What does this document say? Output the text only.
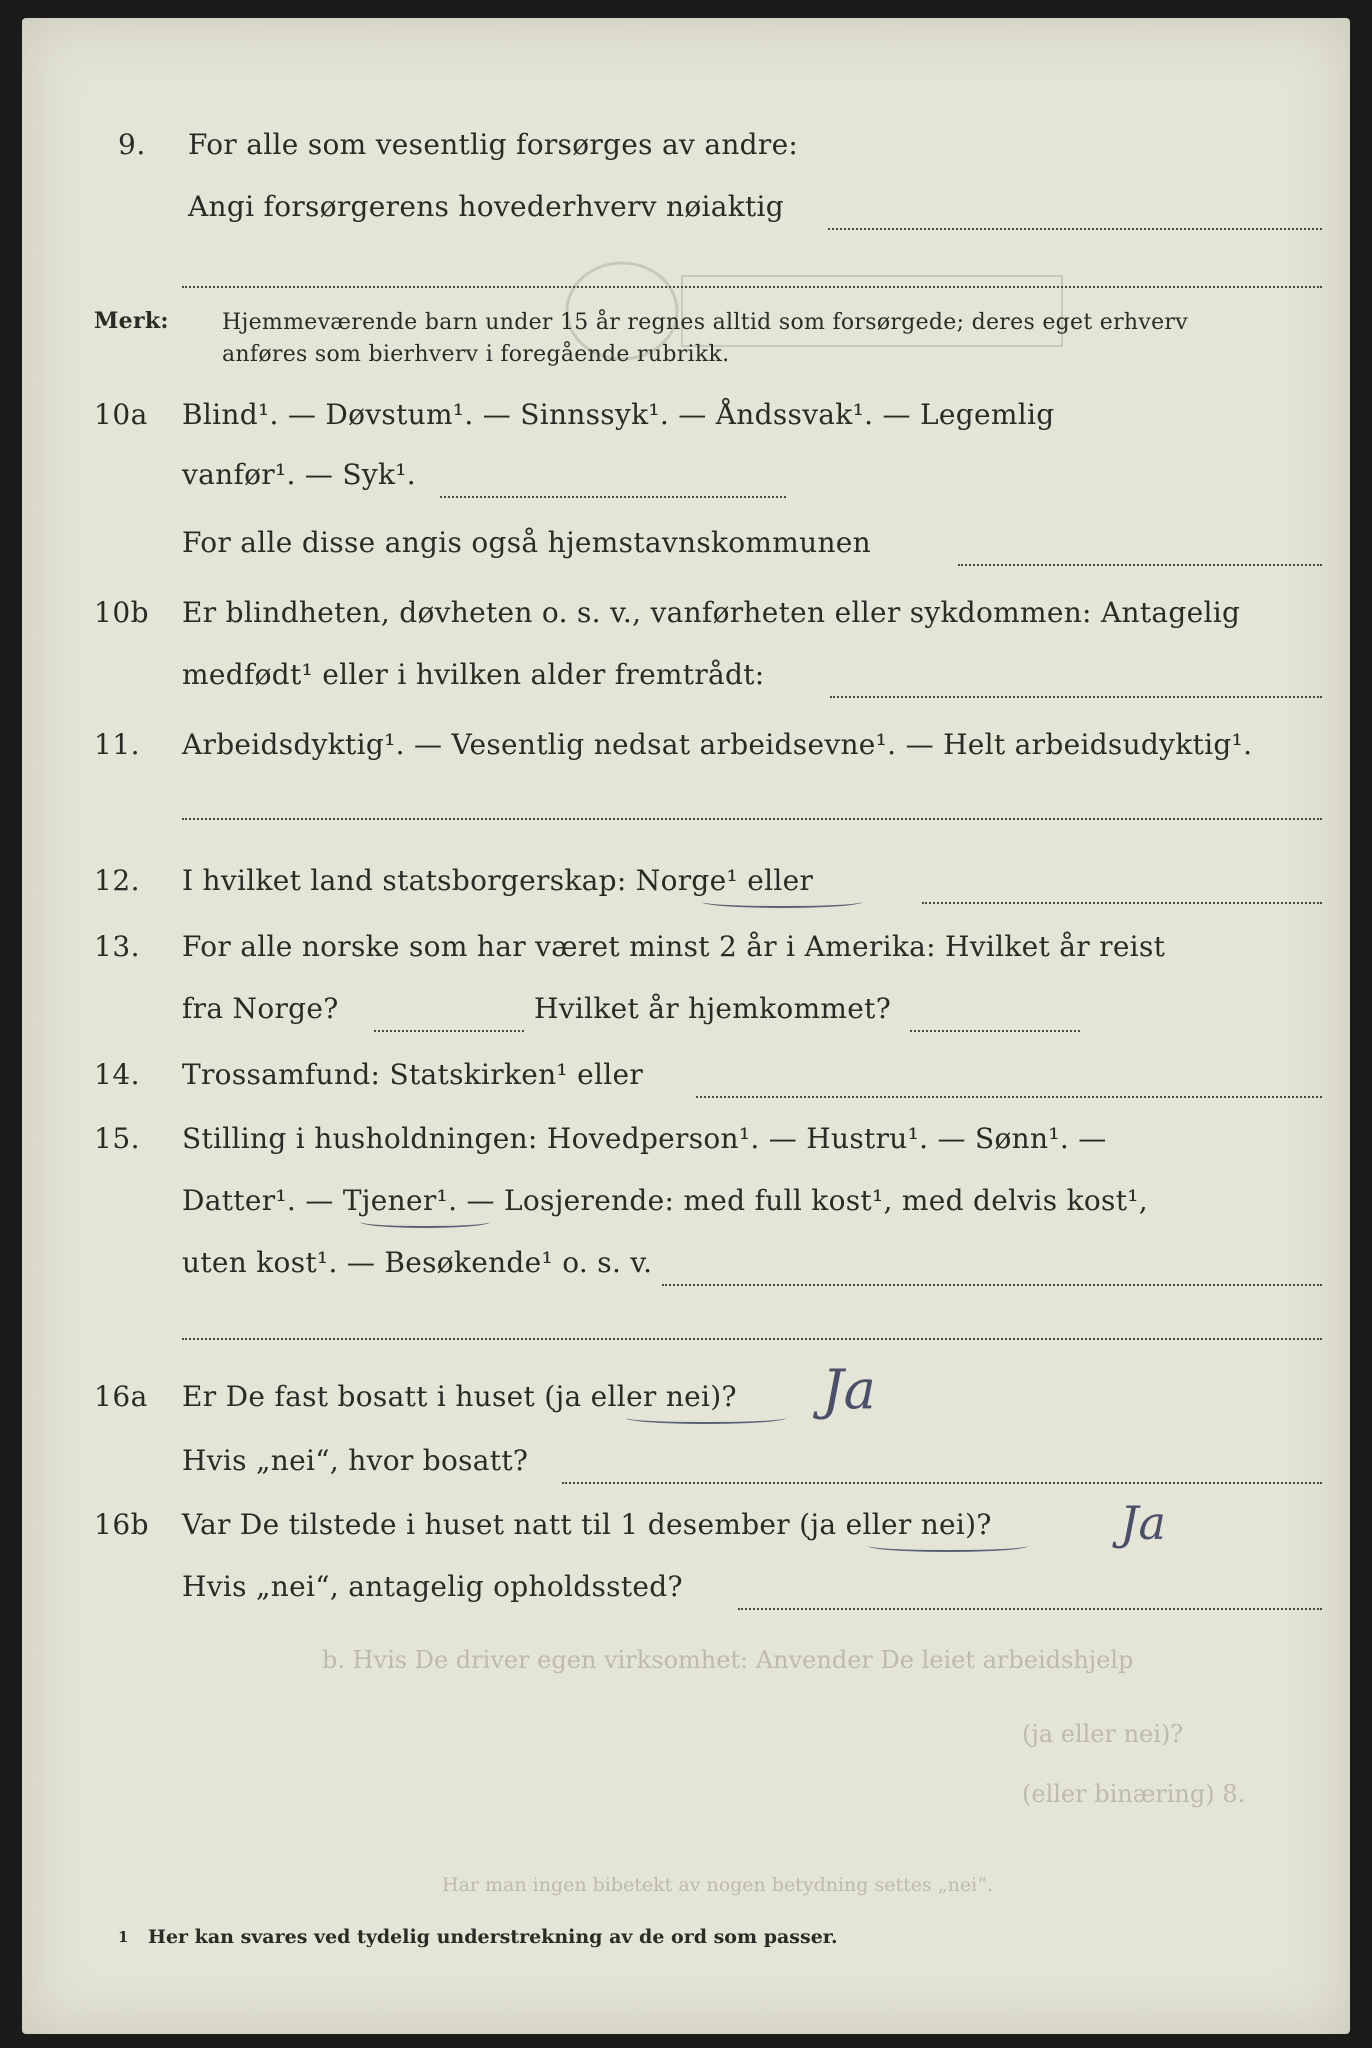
9. For alle som vesentlig forsørges av andre:
Angi forsørgerens hovederhverv nøiaktig
Merk: Hjemmeværende barn under 15 år regnes alltid som forsørgede; deres eget erhverv
anføres som bierhverv i foregående rubrikk.
10a Blind¹. — Døvstum¹. — Sinnssyk¹. — Åndssvak¹. — Legemlig
vanfør¹. — Syk¹.
For alle disse angis også hjemstavnskommunen
10b Er blindheten, døvheten o. s. v., vanførheten eller sykdommen: Antagelig
medfødt¹ eller i hvilken alder fremtrådt:
11. Arbeidsdyktig¹. — Vesentlig nedsat arbeidsevne¹. — Helt arbeidsudyktig¹.
12. I hvilket land statsborgerskap: Norge¹ eller
13. For alle norske som har været minst 2 år i Amerika: Hvilket år reist
fra Norge?	Hvilket år hjemkommet?
14. Trossamfund: Statskirken¹ eller
15. Stilling i husholdningen: Hovedperson¹. — Hustru¹. — Sønn¹. —
Datter¹. — Tjener¹. — Losjerende: med full kost¹, med delvis kost¹,
uten kost¹. — Besøkende¹ o. s. v.
16a Er De fast bosatt i huset (ja eller nei)? Ja
Hvis „nei“, hvor bosatt?
16b Var De tilstede i huset natt til 1 desember (ja eller nei)?	Ja
Hvis „nei“, antagelig opholdssted?
b. Hvis De driver egen virksomhet: Anvender De leiet arbeidshjelp
(ja eller nei)?
(eller binæring) 8.
Har man ingen bibetekt av nogen betydning settes „nei“.
1 Her kan svares ved tydelig understrekning av de ord som passer.
